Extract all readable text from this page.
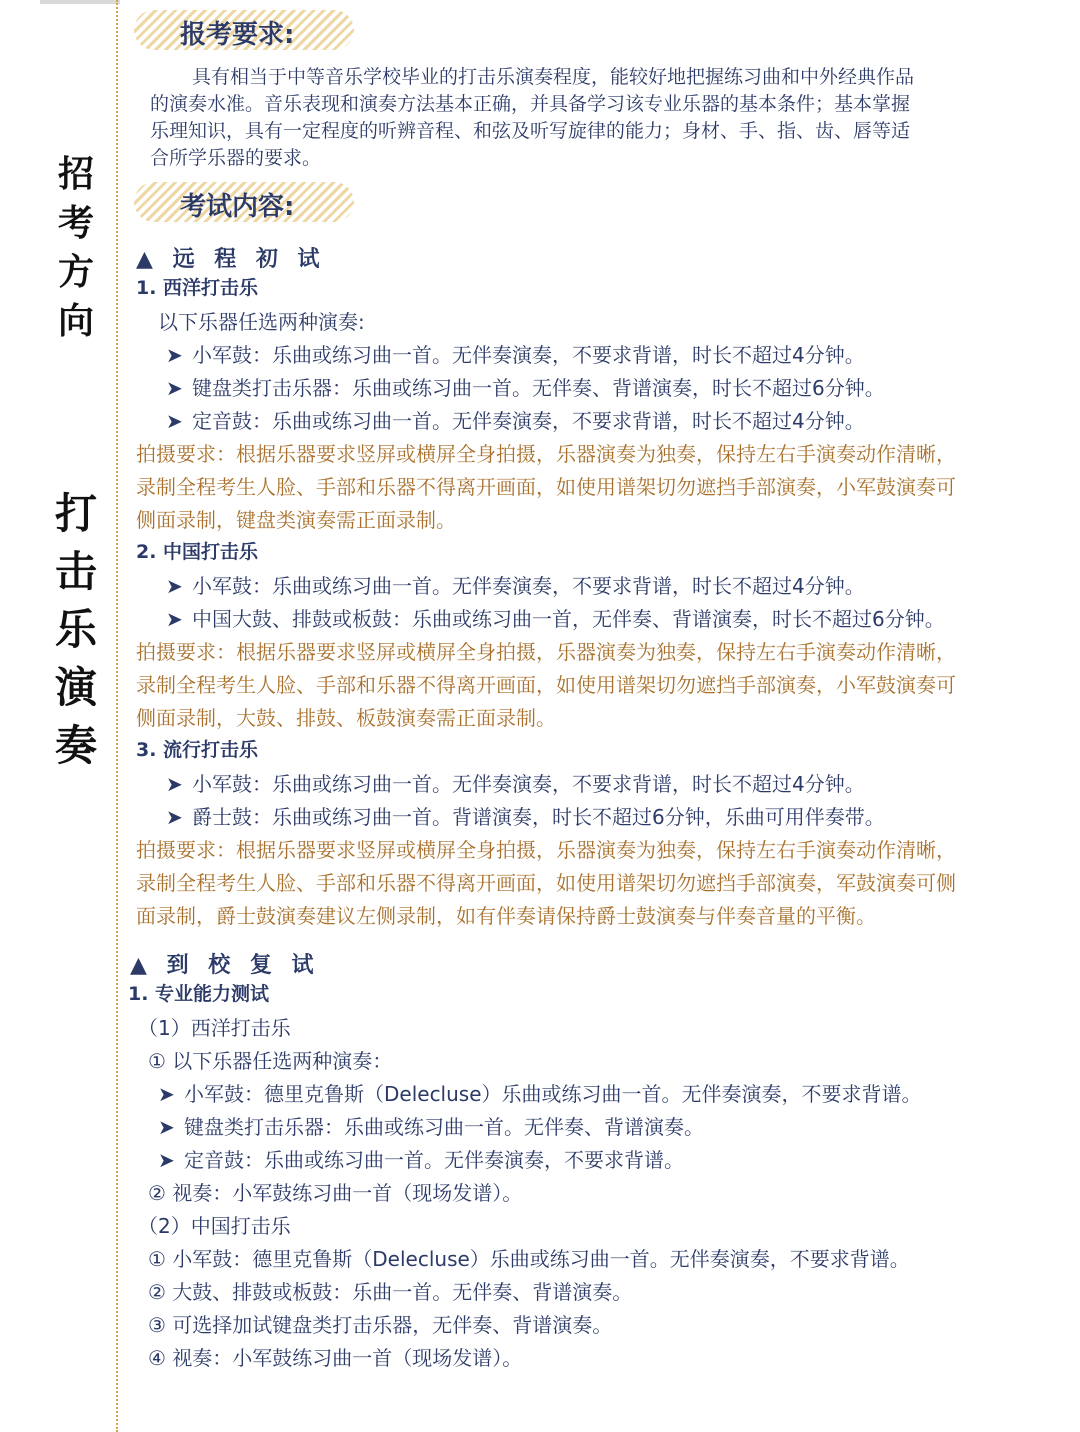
招
考
方
向
打
击
乐
演
奏
报考要求:
具有相当于中等音乐学校毕业的打击乐演奏程度，能较好地把握练习曲和中外经典作品
的演奏水准。音乐表现和演奏方法基本正确，并具备学习该专业乐器的基本条件；基本掌握
乐理知识，具有一定程度的听辨音程、和弦及听写旋律的能力；身材、手、指、齿、唇等适
合所学乐器的要求。
考试内容:
▲ 远 程 初 试
1. 西洋打击乐
以下乐器任选两种演奏:
➤ 小军鼓：乐曲或练习曲一首。无伴奏演奏，不要求背谱，时长不超过4分钟。
➤ 键盘类打击乐器：乐曲或练习曲一首。无伴奏、背谱演奏，时长不超过6分钟。
➤ 定音鼓：乐曲或练习曲一首。无伴奏演奏，不要求背谱，时长不超过4分钟。
拍摄要求：根据乐器要求竖屏或横屏全身拍摄，乐器演奏为独奏，保持左右手演奏动作清晰，
录制全程考生人脸、手部和乐器不得离开画面，如使用谱架切勿遮挡手部演奏，小军鼓演奏可
侧面录制，键盘类演奏需正面录制。
2. 中国打击乐
➤ 小军鼓：乐曲或练习曲一首。无伴奏演奏，不要求背谱，时长不超过4分钟。
➤ 中国大鼓、排鼓或板鼓：乐曲或练习曲一首，无伴奏、背谱演奏，时长不超过6分钟。
拍摄要求：根据乐器要求竖屏或横屏全身拍摄，乐器演奏为独奏，保持左右手演奏动作清晰，
录制全程考生人脸、手部和乐器不得离开画面，如使用谱架切勿遮挡手部演奏，小军鼓演奏可
侧面录制，大鼓、排鼓、板鼓演奏需正面录制。
3. 流行打击乐
➤ 小军鼓：乐曲或练习曲一首。无伴奏演奏，不要求背谱，时长不超过4分钟。
➤ 爵士鼓：乐曲或练习曲一首。背谱演奏，时长不超过6分钟，乐曲可用伴奏带。
拍摄要求：根据乐器要求竖屏或横屏全身拍摄，乐器演奏为独奏，保持左右手演奏动作清晰，
录制全程考生人脸、手部和乐器不得离开画面，如使用谱架切勿遮挡手部演奏，军鼓演奏可侧
面录制，爵士鼓演奏建议左侧录制，如有伴奏请保持爵士鼓演奏与伴奏音量的平衡。
▲ 到 校 复 试
1. 专业能力测试
（1）西洋打击乐
① 以下乐器任选两种演奏：
➤ 小军鼓：德里克鲁斯（Delecluse）乐曲或练习曲一首。无伴奏演奏，不要求背谱。
➤ 键盘类打击乐器：乐曲或练习曲一首。无伴奏、背谱演奏。
➤ 定音鼓：乐曲或练习曲一首。无伴奏演奏，不要求背谱。
② 视奏：小军鼓练习曲一首（现场发谱）。
（2）中国打击乐
① 小军鼓：德里克鲁斯（Delecluse）乐曲或练习曲一首。无伴奏演奏，不要求背谱。
② 大鼓、排鼓或板鼓：乐曲一首。无伴奏、背谱演奏。
③ 可选择加试键盘类打击乐器，无伴奏、背谱演奏。
④ 视奏：小军鼓练习曲一首（现场发谱）。
